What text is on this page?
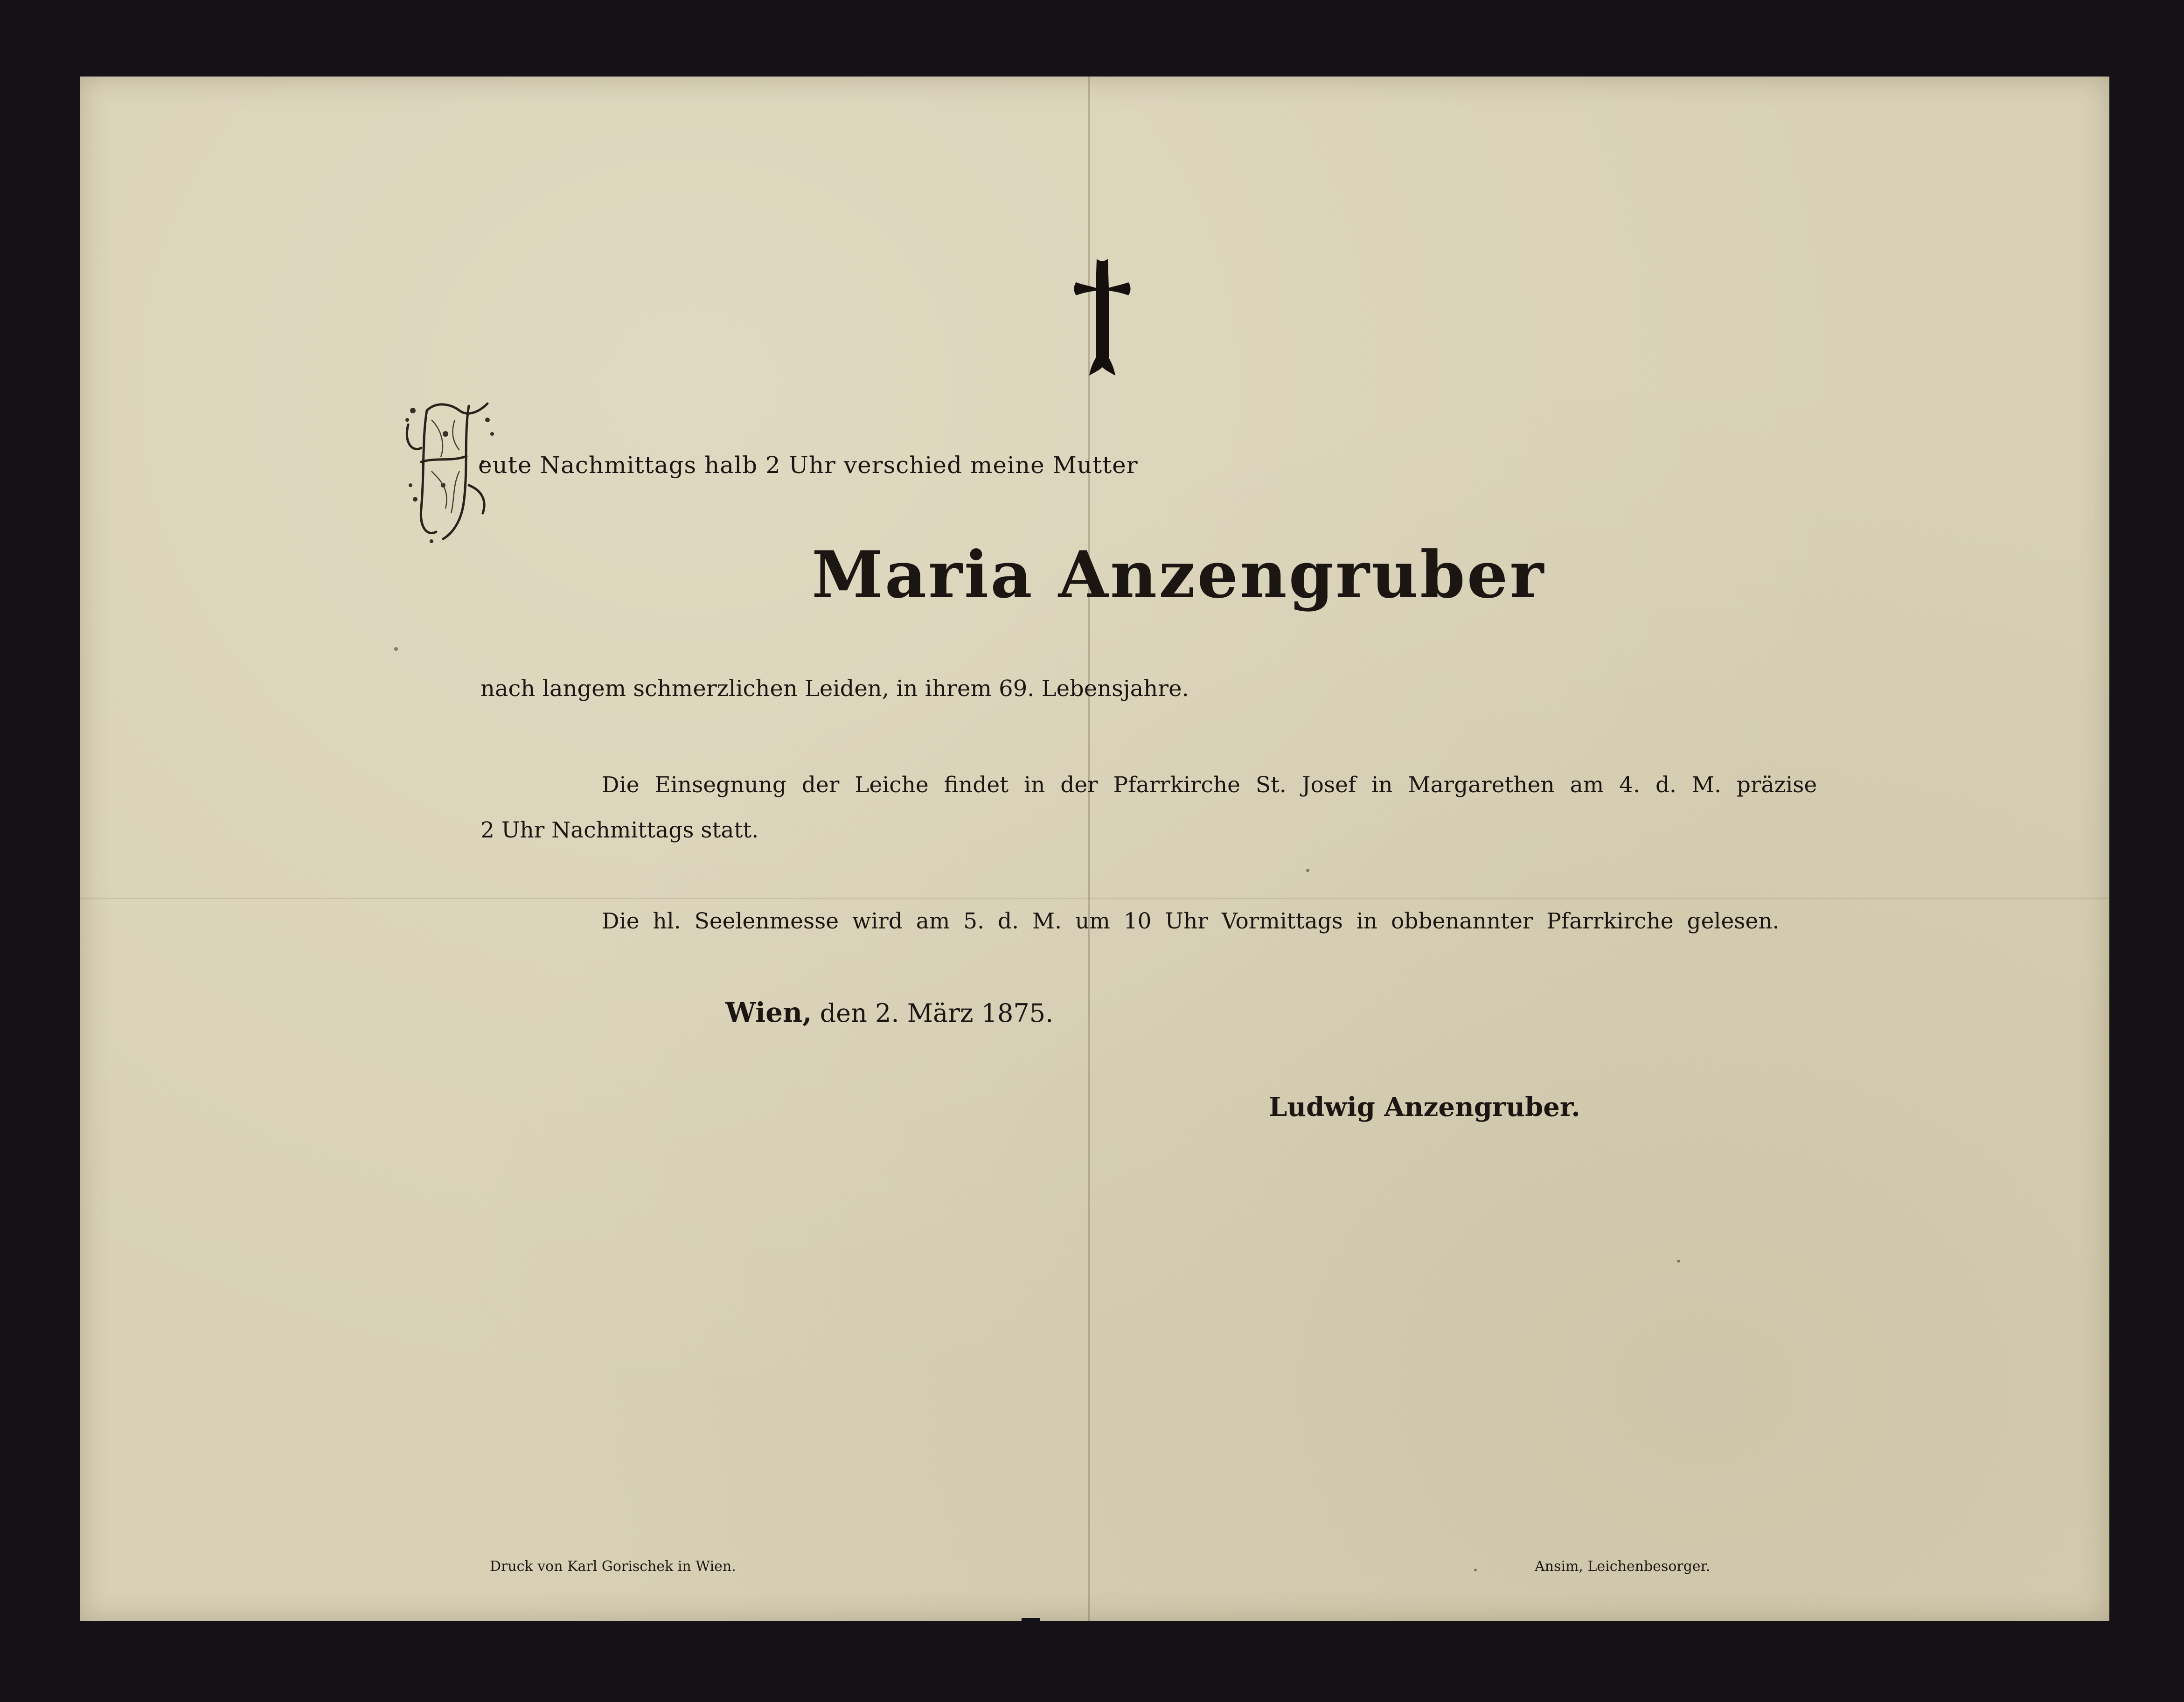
eute Nachmittags halb 2 Uhr verschied meine Mutter
Maria Anzengruber
nach langem schmerzlichen Leiden, in ihrem 69. Lebensjahre.
Die Einsegnung der Leiche findet in der Pfarrkirche St. Josef in Margarethen am 4. d. M. präzise
2 Uhr Nachmittags statt.
Die hl. Seelenmesse wird am 5. d. M. um 10 Uhr Vormittags in obbenannter Pfarrkirche gelesen.
Wien, den 2. März 1875.
Ludwig Anzengruber.
Druck von Karl Gorischek in Wien.	Ansim, Leichenbesorger.
